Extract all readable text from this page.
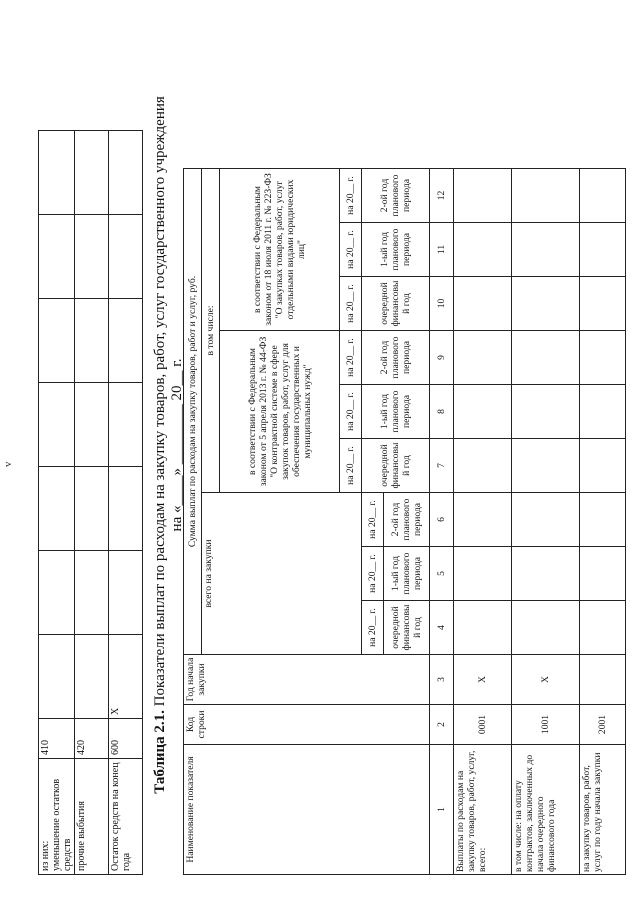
v
из них:
уменьшение остатков средств	410							
прочие выбытия	420							
Остаток средств на конец года	600	X						Таблица 2.1. Показатели выплат по расходам на закупку товаров, работ, услуг государственного учреждения на «____» ________ 20__ г.
Наименование показателя	Код строки	Год начала закупки	Сумма выплат по расходам на закупку товаров, работ и услуг, руб.								
			всего на закупки			в том числе:					
						в соответствии с Федеральным законом от 5 апреля 2013 г. № 44-ФЗ "О контрактной системе в сфере закупок товаров, работ, услуг для обеспечения государственных и муниципальных нужд"			в соответствии с Федеральным законом от 18 июля 2011 г. № 223-ФЗ "О закупках товаров, работ, услуг отдельными видами юридических лиц"		
						на 20__ г.	на 20__ г.	на 20__ г.	на 20__ г.	на 20__ г.	на 20__ г.
			на 20__ г.	на 20__ г.	на 20__ г.	очередной финансовы й год	1-ый год планового периода	2-ой год планового периода	очередной финансовы й год	1-ый год планового периода	2-ой год планового периода
			очередной финансовы й год	1-ый год планового периода	2-ой год планового периода						
1	2	3	4	5	6	7	8	9	10	11	12
Выплаты по расходам на закупку товаров, работ, услуг, всего:	0001	X									
в том числе: на оплату контрактов, заключенных до начала очередного финансового года	1001	X									
на закупку товаров, работ, услуг по году начала закупки	2001										
